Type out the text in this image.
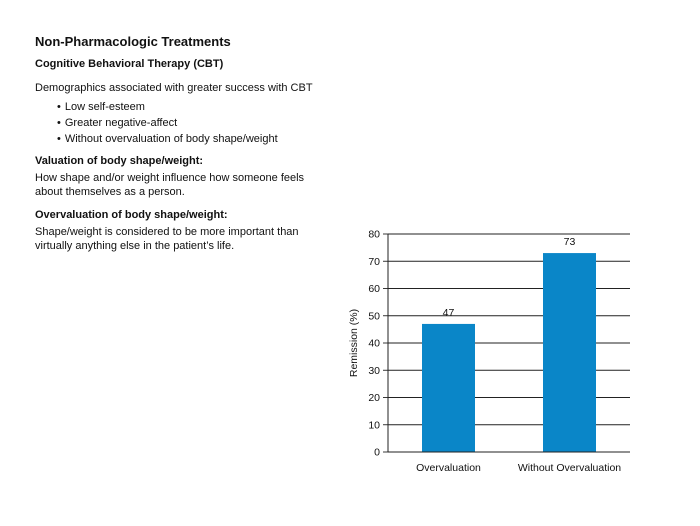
Non-Pharmacologic Treatments
Cognitive Behavioral Therapy (CBT)

Demographics associated with greater success with CBT

• Low self-esteem
• Greater negative-affect
• Without overvaluation of body shape/weight

Valuation of body shape/weight:

How shape and/or weight influence how someone feels about themselves as a person.

Overvaluation of body shape/weight:

Shape/weight is considered to be more important than virtually anything else in the patient’s life.

47
73
0
10
20
30
40
50
60
70
80
Overvaluation	Without Overvaluation
Remission (%)
